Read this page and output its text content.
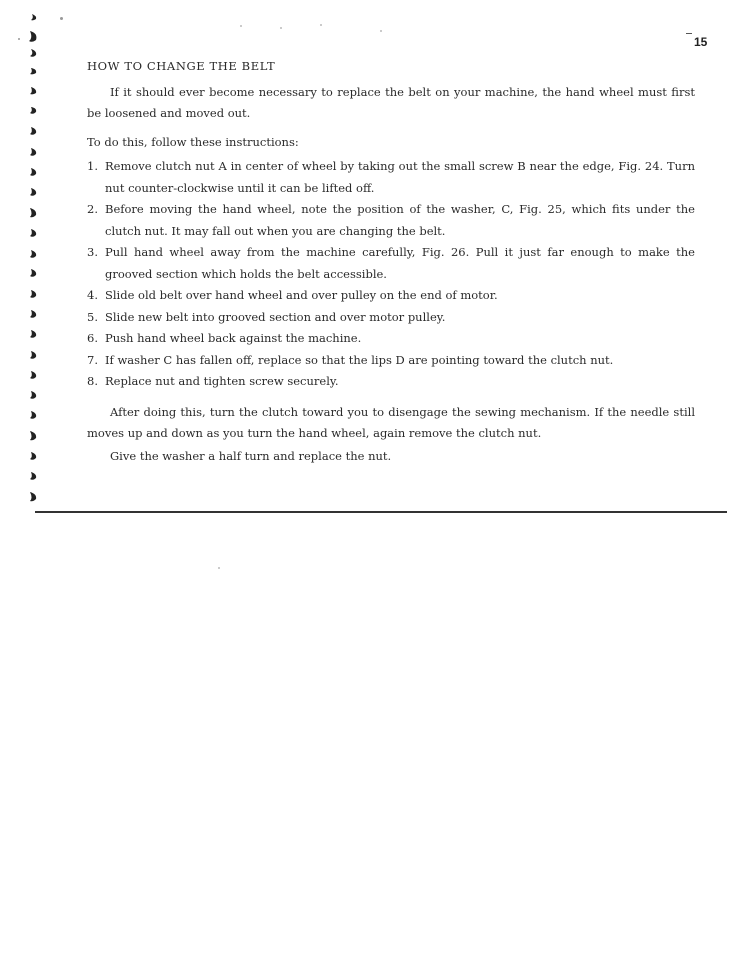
15
HOW TO CHANGE THE BELT

If it should ever become necessary to replace the belt on your machine, the hand wheel must first be loosened and moved out.

To do this, follow these instructions:

1. Remove clutch nut A in center of wheel by taking out the small screw B near the edge, Fig. 24. Turn nut counter-clockwise until it can be lifted off.
2. Before moving the hand wheel, note the position of the washer, C, Fig. 25, which fits under the clutch nut. It may fall out when you are changing the belt.
3. Pull hand wheel away from the machine carefully, Fig. 26. Pull it just far enough to make the grooved section which holds the belt accessible.
4. Slide old belt over hand wheel and over pulley on the end of motor.
5. Slide new belt into grooved section and over motor pulley.
6. Push hand wheel back against the machine.
7. If washer C has fallen off, replace so that the lips D are pointing toward the clutch nut.
8. Replace nut and tighten screw securely.

After doing this, turn the clutch toward you to disengage the sewing mechanism. If the needle still moves up and down as you turn the hand wheel, again remove the clutch nut.

Give the washer a half turn and replace the nut.
